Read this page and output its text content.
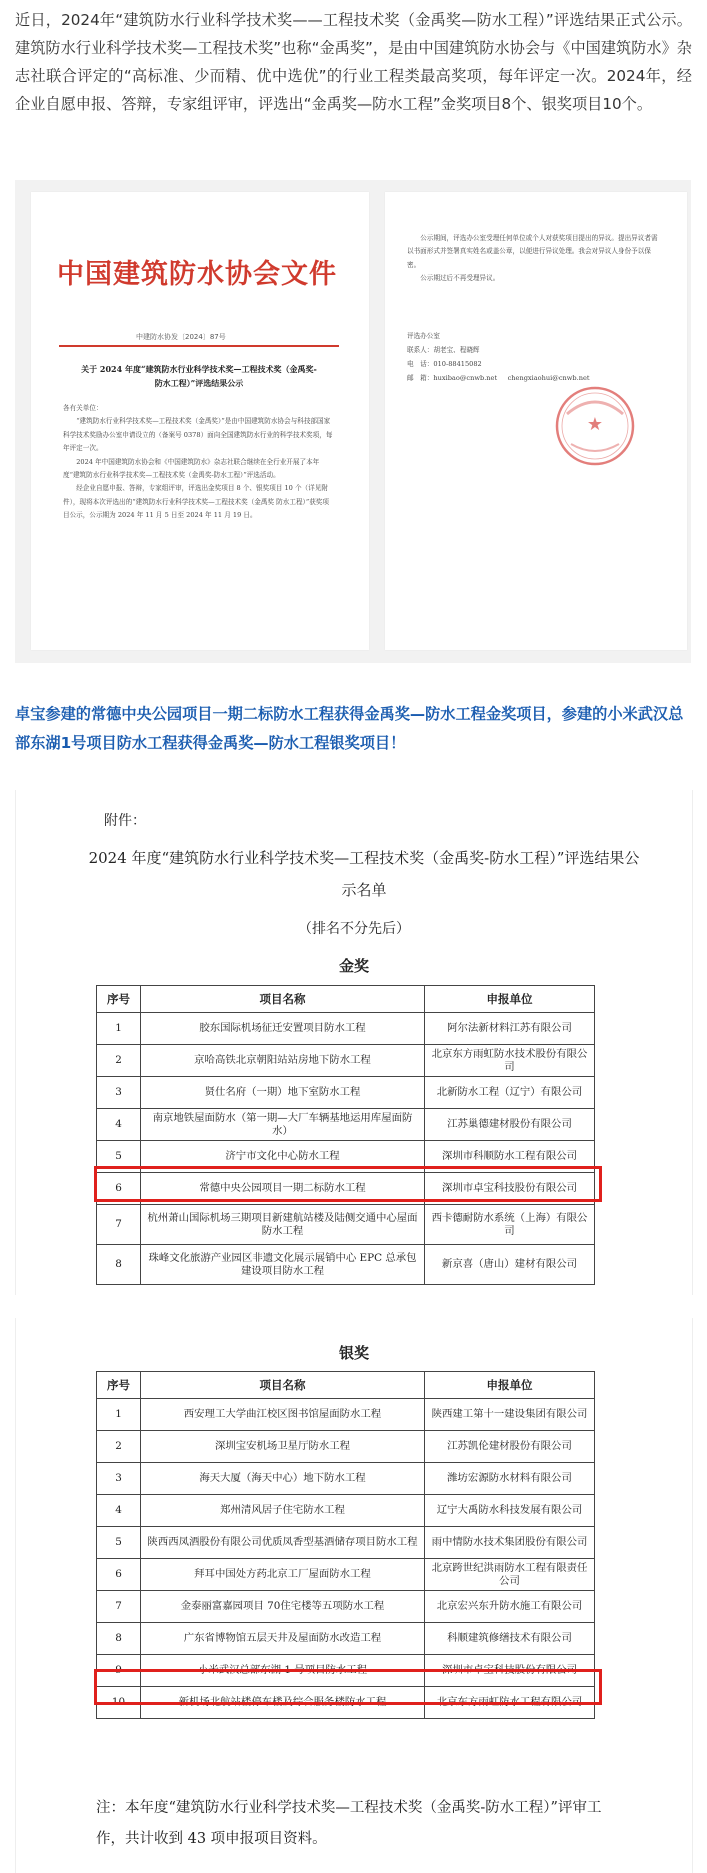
近日，2024年“建筑防水行业科学技术奖——工程技术奖（金禹奖—防水工程）”评选结果正式公示。建筑防水行业科学技术奖—工程技术奖”也称“金禹奖”，是由中国建筑防水协会与《中国建筑防水》杂志社联合评定的“高标准、少而精、优中选优”的行业工程类最高奖项，每年评定一次。2024年，经企业自愿申报、答辩，专家组评审，评选出“金禹奖—防水工程”金奖项目8个、银奖项目10个。

中国建筑防水协会文件
中建防水协发〔2024〕87号
关于 2024 年度“建筑防水行业科学技术奖—工程技术奖（金禹奖-防水工程）”评选结果公示

各有关单位：

“建筑防水行业科学技术奖—工程技术奖（金禹奖）”是由中国建筑防水协会与科技部国家科学技术奖励办公室申请设立的（备案号 0378）面向全国建筑防水行业的科学技术奖项，每年评定一次。

2024 年中国建筑防水协会和《中国建筑防水》杂志社联合继续在全行业开展了本年度“建筑防水行业科学技术奖—工程技术奖（金禹奖-防水工程）”评选活动。

经企业自愿申报、答辩，专家组评审，评选出金奖项目 8 个、银奖项目 10 个（详见附件），现将本次评选出的“建筑防水行业科学技术奖—工程技术奖（金禹奖 防水工程）”获奖项目公示，公示期为 2024 年 11 月 5 日至 2024 年 11 月 19 日。

公示期间，评选办公室受理任何单位或个人对获奖项目提出的异议。提出异议者需以书面形式并签署真实姓名或盖公章，以便进行异议处理。我会对异议人身份予以保密。

公示期过后不再受理异议。

评选办公室

联系人：胡老宝、程晓辉

电　话：010-88415082

邮　箱：huxibao@cnwb.net chengxiaohui@cnwb.net

★

卓宝参建的常德中央公园项目一期二标防水工程获得金禹奖—防水工程金奖项目，参建的小米武汉总部东湖1号项目防水工程获得金禹奖—防水工程银奖项目！

附件：
2024 年度“建筑防水行业科学技术奖—工程技术奖（金禹奖-防水工程）”评选结果公示名单
（排名不分先后）
金奖
序号	项目名称	申报单位
1	胶东国际机场征迁安置项目防水工程	阿尔法新材料江苏有限公司
2	京哈高铁北京朝阳站站房地下防水工程	北京东方雨虹防水技术股份有限公司
3	贤仕名府（一期）地下室防水工程	北新防水工程（辽宁）有限公司
4	南京地铁屋面防水（第一期—大厂车辆基地运用库屋面防水）	江苏巢德建材股份有限公司
5	济宁市文化中心防水工程	深圳市科顺防水工程有限公司
6	常德中央公园项目一期二标防水工程	深圳市卓宝科技股份有限公司
7	杭州萧山国际机场三期项目新建航站楼及陆侧交通中心屋面防水工程	西卡德耐防水系统（上海）有限公司
8	珠峰文化旅游产业园区非遗文化展示展销中心 EPC 总承包建设项目防水工程	新京喜（唐山）建材有限公司
银奖
序号	项目名称	申报单位
1	西安理工大学曲江校区图书馆屋面防水工程	陕西建工第十一建设集团有限公司
2	深圳宝安机场卫星厅防水工程	江苏凯伦建材股份有限公司
3	海天大厦（海天中心）地下防水工程	潍坊宏源防水材料有限公司
4	郑州清风居子住宅防水工程	辽宁大禹防水科技发展有限公司
5	陕西西凤酒股份有限公司优质凤香型基酒储存项目防水工程	雨中情防水技术集团股份有限公司
6	拜耳中国处方药北京工厂屋面防水工程	北京跨世纪洪雨防水工程有限责任公司
7	金泰丽富嘉园项目 70住宅楼等五项防水工程	北京宏兴东升防水施工有限公司
8	广东省博物馆五层天井及屋面防水改造工程	科顺建筑修缮技术有限公司
9	小米武汉总部东湖 1 号项目防水工程	深圳市卓宝科技股份有限公司
10	新机场北航站楼停车楼及综合服务楼防水工程	北京东方雨虹防水工程有限公司
注：本年度“建筑防水行业科学技术奖—工程技术奖（金禹奖-防水工程）”评审工作，共计收到 43 项申报项目资料。
